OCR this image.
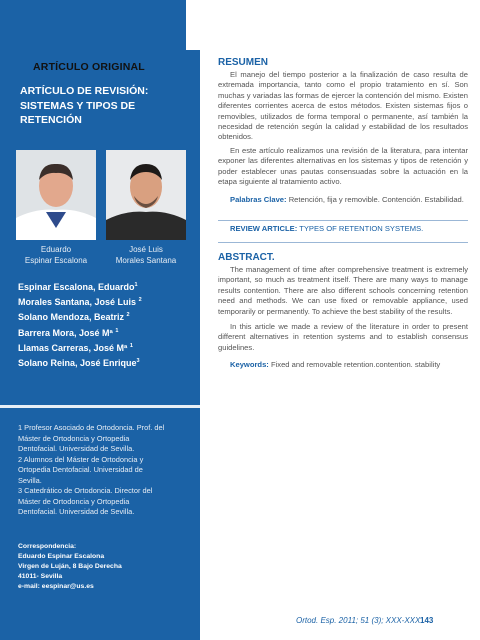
ARTÍCULO ORIGINAL
ARTÍCULO DE REVISIÓN: SISTEMAS Y TIPOS DE RETENCIÓN
Eduardo
Espinar Escalona
José Luis
Morales Santana
Espinar Escalona, Eduardo$^1$
Morales Santana, José Luis $^2$
Solano Mendoza, Beatriz $^2$
Barrera Mora, José Mª $^1$
Llamas Carreras, José Mª $^1$
Solano Reina, José Enrique$^3$
1 Profesor Asociado de Ortodoncia. Prof. del Máster de Ortodoncia y Ortopedia Dentofacial. Universidad de Sevilla.
2 Alumnos del Máster de Ortodoncia y Ortopedia Dentofacial. Universidad de Sevilla.
3 Catedrático de Ortodoncia. Director del Máster de Ortodoncia y Ortopedia Dentofacial. Universidad de Sevilla.
Correspondencia:
Eduardo Espinar Escalona
Virgen de Luján, 8 Bajo Derecha
41011- Sevilla
e-mail: eespinar@us.es
RESUMEN
El manejo del tiempo posterior a la finalización de caso resulta de extremada importancia, tanto como el propio tratamiento en sí. Son muchas y variadas las formas de ejercer la contención del mismo. Existen diferentes corrientes acerca de estos métodos. Existen sistemas fijos o removibles, utilizados de forma temporal o permanente, así también la necesidad de retención según la calidad y estabilidad de los resultados obtenidos.
En este artículo realizamos una revisión de la literatura, para intentar exponer las diferentes alternativas en los sistemas y tipos de retención y poder establecer unas pautas consensuadas sobre la actuación en la etapa siguiente al tratamiento activo.
Palabras Clave: Retención, fija y removible. Contención. Estabilidad.
REVIEW ARTICLE: TYPES OF RETENTION SYSTEMS.
ABSTRACT.
The management of time after comprehensive treatment is extremely important, so much as treatment itself. There are many ways to manage results contention. There are also different schools concerning retention need and methods. We can use fixed or removable appliance, used temporarily or permanently. To achieve the best stability of the results.
In this article we made a review of the literature in order to present different alternatives in retention systems and to establish consensus guidelines.
Keywords: Fixed and removable retention.contention. stability
Ortod. Esp. 2011; 51 (3); XXX-XXX 143
